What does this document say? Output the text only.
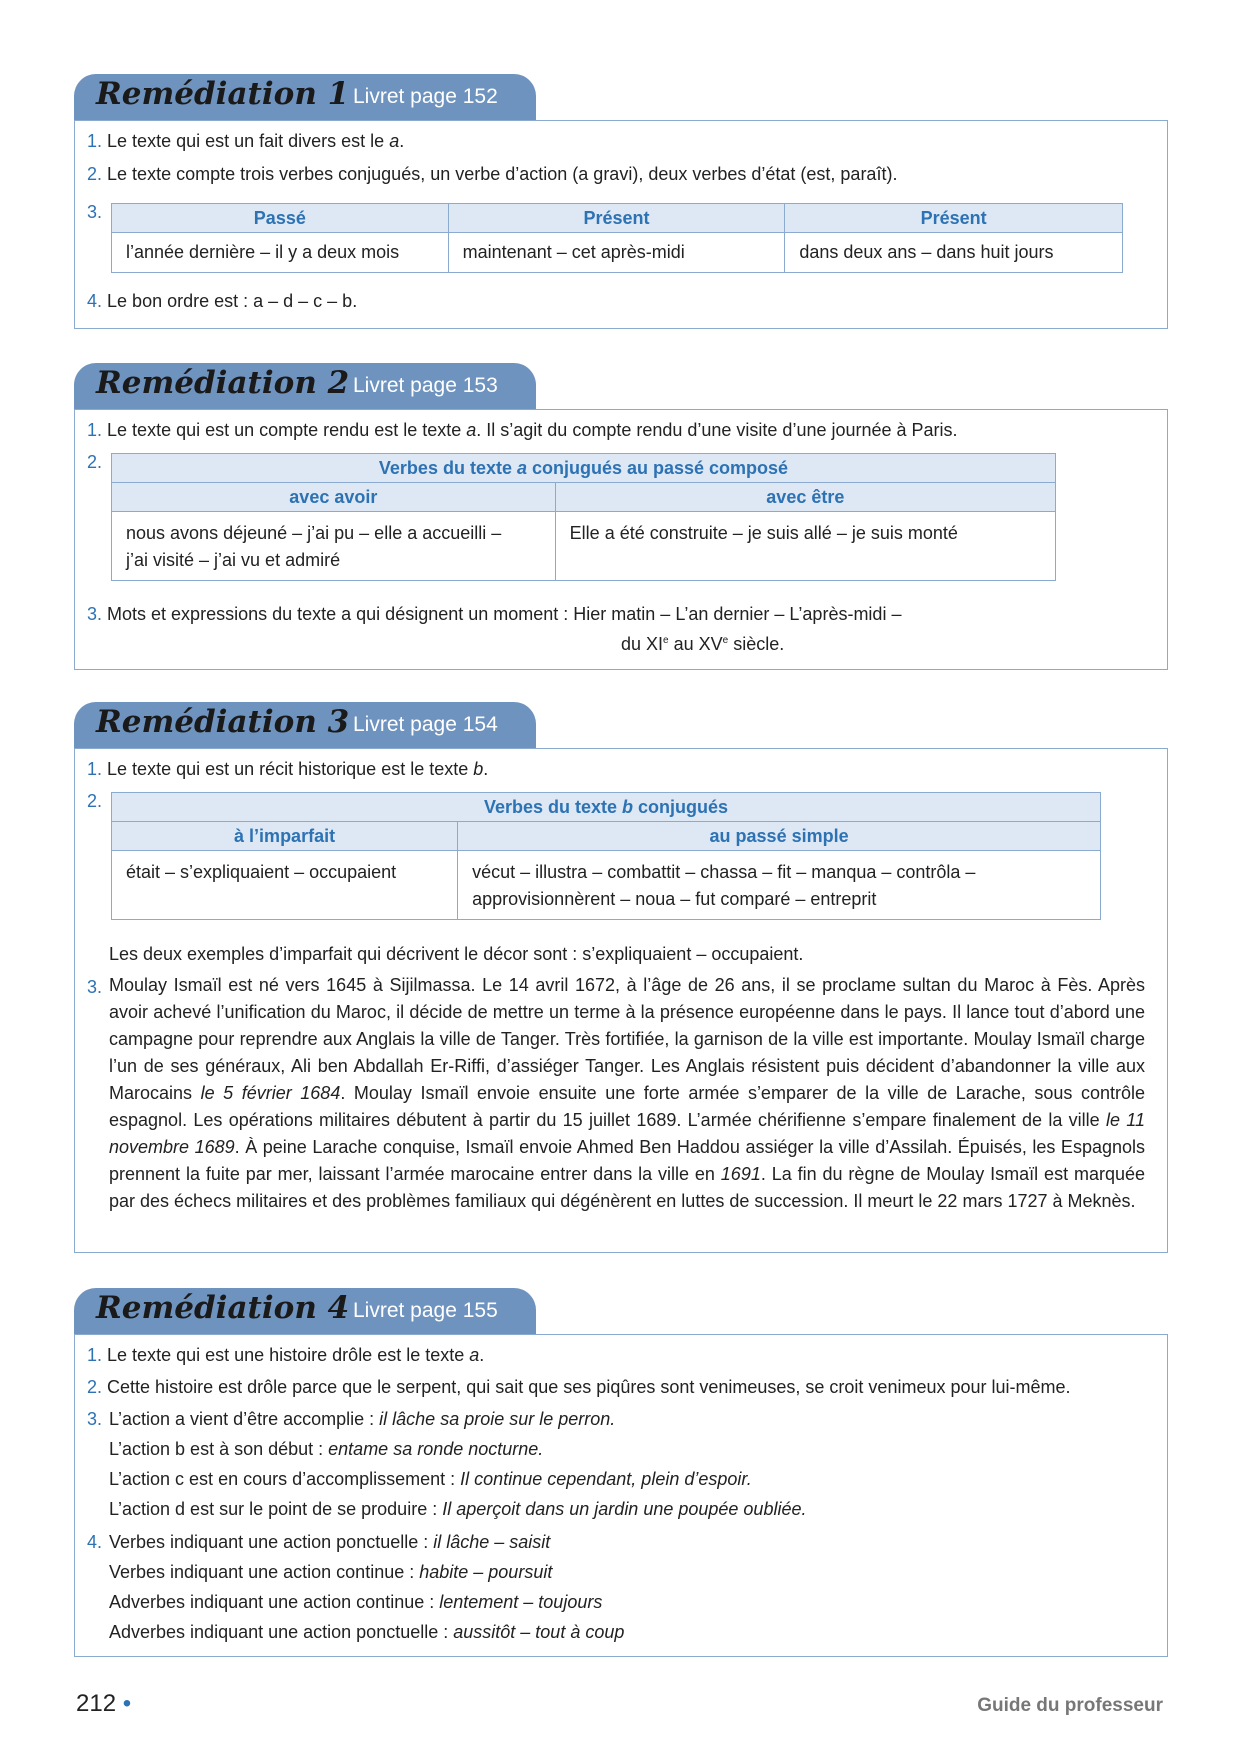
Remédiation 1 Livret page 152
1. Le texte qui est un fait divers est le a.
2. Le texte compte trois verbes conjugués, un verbe d’action (a gravi), deux verbes d’état (est, paraît).
3.	Passé	Présent	Présent
l’année dernière – il y a deux mois	maintenant – cet après-midi	dans deux ans – dans huit jours
4. Le bon ordre est : a – d – c – b.
Remédiation 2 Livret page 153
1. Le texte qui est un compte rendu est le texte a. Il s’agit du compte rendu d’une visite d’une journée à Paris.
2.	Verbes du texte a conjugués au passé composé	
avec avoir	avec être
nous avons déjeuné – j’ai pu – elle a accueilli –
j’ai visité – j’ai vu et admiré	Elle a été construite – je suis allé – je suis monté
3. Mots et expressions du texte a qui désignent un moment : Hier matin – L’an dernier – L’après-midi –
du XIe au XVe siècle.
Remédiation 3 Livret page 154
1. Le texte qui est un récit historique est le texte b.
2.	Verbes du texte b conjugués	
à l’imparfait	au passé simple
était – s’expliquaient – occupaient	vécut – illustra – combattit – chassa – fit – manqua – contrôla –
approvisionnèrent – noua – fut comparé – entreprit
Les deux exemples d’imparfait qui décrivent le décor sont : s’expliquaient – occupaient.
3. Moulay Ismaïl est né vers 1645 à Sijilmassa. Le 14 avril 1672, à l’âge de 26 ans, il se proclame sultan du Maroc à Fès. Après avoir achevé l’unification du Maroc, il décide de mettre un terme à la présence européenne dans le pays. Il lance tout d’abord une campagne pour reprendre aux Anglais la ville de Tanger. Très fortifiée, la garnison de la ville est importante. Moulay Ismaïl charge l’un de ses généraux, Ali ben Abdallah Er-Riffi, d’assiéger Tanger. Les Anglais résistent puis décident d’abandonner la ville aux Marocains le 5 février 1684. Moulay Ismaïl envoie ensuite une forte armée s’emparer de la ville de Larache, sous contrôle espagnol. Les opérations militaires débutent à partir du 15 juillet 1689. L’armée chérifienne s’empare finalement de la ville le 11 novembre 1689. À peine Larache conquise, Ismaïl envoie Ahmed Ben Haddou assiéger la ville d’Assilah. Épuisés, les Espagnols prennent la fuite par mer, laissant l’armée marocaine entrer dans la ville en 1691. La fin du règne de Moulay Ismaïl est marquée par des échecs militaires et des problèmes familiaux qui dégénèrent en luttes de succession. Il meurt le 22 mars 1727 à Meknès.
Remédiation 4 Livret page 155
1. Le texte qui est une histoire drôle est le texte a.
2. Cette histoire est drôle parce que le serpent, qui sait que ses piqûres sont venimeuses, se croit venimeux pour lui-même.
3. L’action a vient d’être accomplie : il lâche sa proie sur le perron.
L’action b est à son début : entame sa ronde nocturne.
L’action c est en cours d’accomplissement : Il continue cependant, plein d’espoir.
L’action d est sur le point de se produire : Il aperçoit dans un jardin une poupée oubliée.
4. Verbes indiquant une action ponctuelle : il lâche – saisit
Verbes indiquant une action continue : habite – poursuit
Adverbes indiquant une action continue : lentement – toujours
Adverbes indiquant une action ponctuelle : aussitôt – tout à coup
212 •	Guide du professeur
